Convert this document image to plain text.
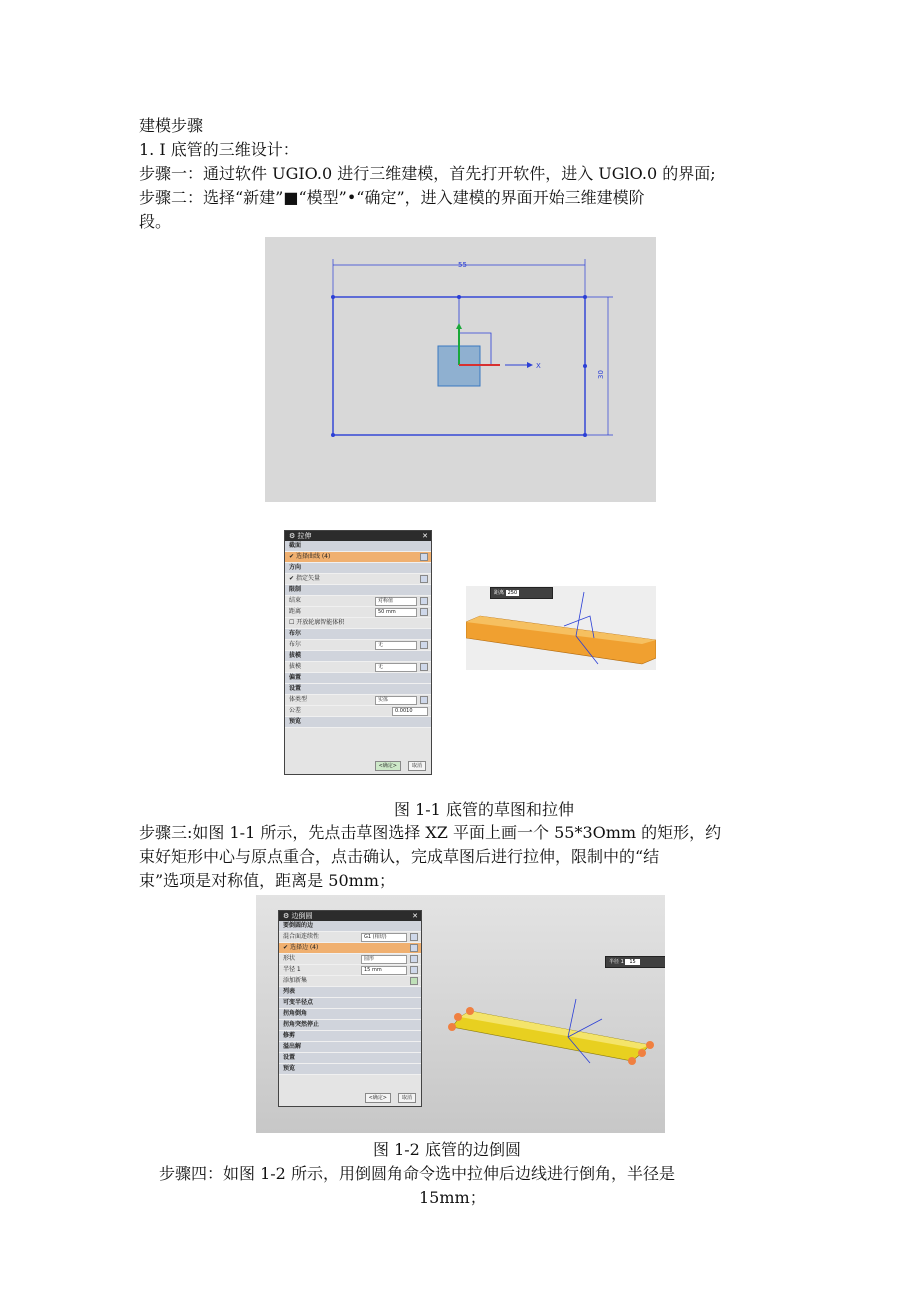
建模步骤
1. I 底管的三维设计：
步骤一：通过软件 UGIO.0 进行三维建模，首先打开软件，进入 UGlO.0 的界面;
步骤二：选择“新建”■“模型”•“确定”，进入建模的界面开始三维建模阶
段。
55
30
X
⚙ 拉伸	✕
截面
✔ 选择曲线 (4)
方向
✔ 指定矢量
限制
结束	对称值
距离	50 mm
☐ 开放轮廓智能体积
布尔
布尔	无
拔模
拔模	无
偏置
设置
体类型	实体
公差	0.0010
预览
<确定>	取消
距离 250
图 1-1 底管的草图和拉伸
步骤三:如图 1-1 所示，先点击草图选择 XZ 平面上画一个 55*3Omm 的矩形，约
束好矩形中心与原点重合，点击确认，完成草图后进行拉伸，限制中的“结
束”选项是对称值，距离是 50mm；
⚙ 边倒圆	✕
要倒圆的边
混合面连续性	G1 (相切)
✔ 选择边 (4)
形状	圆形
半径 1	15 mm
添加新集
列表
可变半径点
拐角倒角
拐角突然停止
修剪
溢出解
设置
预览
<确定>	取消
半径 1 15
图 1-2 底管的边倒圆
步骤四：如图 1-2 所示，用倒圆角命令选中拉伸后边线进行倒角，半径是
15mm；
